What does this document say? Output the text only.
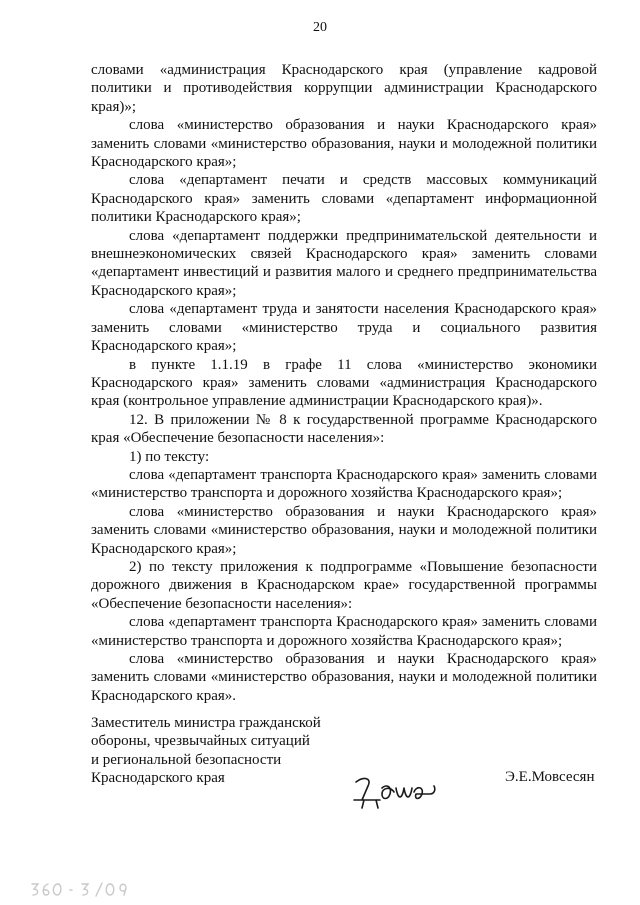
20

словами «администрация Краснодарского края (управление кадровой политики и противодействия коррупции администрации Краснодарского края)»;

слова «министерство образования и науки Краснодарского края» заменить словами «министерство образования, науки и молодежной политики Краснодарского края»;

слова «департамент печати и средств массовых коммуникаций Краснодарского края» заменить словами «департамент информационной политики Краснодарского края»;

слова «департамент поддержки предпринимательской деятельности и внешнеэкономических связей Краснодарского края» заменить словами «департамент инвестиций и развития малого и среднего предпринимательства Краснодарского края»;

слова «департамент труда и занятости населения Краснодарского края» заменить словами «министерство труда и социального развития Краснодарского края»;

в пункте 1.1.19 в графе 11 слова «министерство экономики Краснодарского края» заменить словами «администрация Краснодарского края (контрольное управление администрации Краснодарского края)».

12. В приложении № 8 к государственной программе Краснодарского края «Обеспечение безопасности населения»:

1) по тексту:

слова «департамент транспорта Краснодарского края» заменить словами «министерство транспорта и дорожного хозяйства Краснодарского края»;

слова «министерство образования и науки Краснодарского края» заменить словами «министерство образования, науки и молодежной политики Краснодарского края»;

2) по тексту приложения к подпрограмме «Повышение безопасности дорожного движения в Краснодарском крае» государственной программы «Обеспечение безопасности населения»:

слова «департамент транспорта Краснодарского края» заменить словами «министерство транспорта и дорожного хозяйства Краснодарского края»;

слова «министерство образования и науки Краснодарского края» заменить словами «министерство образования, науки и молодежной политики Краснодарского края».

Заместитель министра гражданской
обороны, чрезвычайных ситуаций
и региональной безопасности
Краснодарского края	Э.Е.Мовсесян
